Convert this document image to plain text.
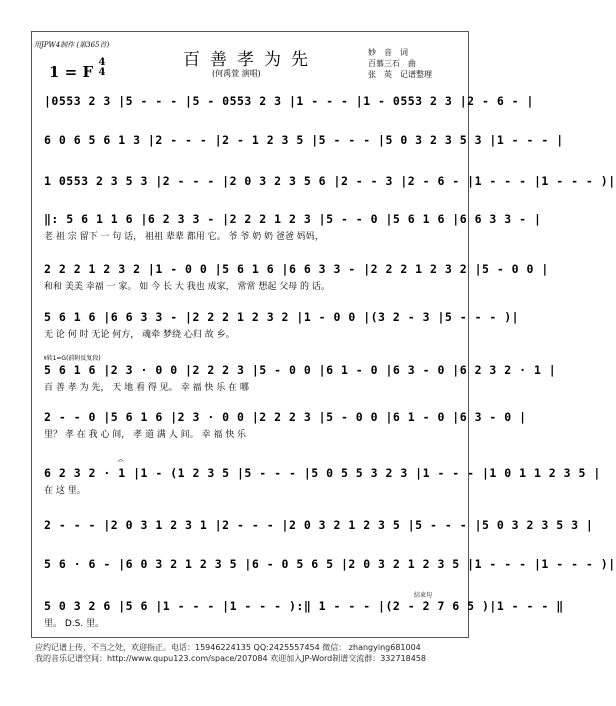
用JPW4制作 (第365首)
百善孝为先
(何禹萱 演唱)
1 = F
4
4
妙　音　词
百慕三石　曲
张　英　记谱整理
|0553 2 3 |5 - - - |5 - 0553 2 3 |1 - - - |1 - 0553 2 3 |2 - 6 - |
6 0 6 5 6 1 3 |2 - - - |2 - 1 2 3 5 |5 - - - |5 0 3 2 3 5 3 |1 - - - |
1 0553 2 3 5 3 |2 - - - |2 0 3 2 3 5 6 |2 - - 3 |2 - 6 - |1 - - - |1 - - - )|
‖: 5 6 1 1 6 |6 2 3 3 - |2 2 2 1 2 3 |5 - - 0 |5 6 1 6 |6 6 3 3 - |
老 祖 宗 留下 一 句 话， 祖祖 辈辈 都用 它。 爷 爷 奶 奶 爸爸 妈妈，
2 2 2 1 2 3 2 |1 - 0 0 |5 6 1 6 |6 6 3 3 - |2 2 2 1 2 3 2 |5 - 0 0 |
和和 美美 幸福 一 家。 如 今 长 大 我也 成家， 常常 想起 父母 的 话。
5 6 1 6 |6 6 3 3 - |2 2 2 1 2 3 2 |1 - 0 0 |(3 2 - 3 |5 - - - )|
无 论 何 时 无论 何方， 魂牵 梦绕 心归 故 乡。
𝄋转1=G(前附反复段)
5 6 1 6 |2 3 · 0 0 |2 2 2 3 |5 - 0 0 |6 1 - 0 |6 3 - 0 |6 2 3 2 · 1 |
百 善 孝 为 先， 天 地 看 得 见。 幸 福 快 乐 在 哪
2 - - 0 |5 6 1 6 |2 3 · 0 0 |2 2 2 3 |5 - 0 0 |6 1 - 0 |6 3 - 0 |
里？ 孝 在 我 心 间， 孝 道 满 人 间。 幸 福 快 乐
𝄐
6 2 3 2 · 1 |1 - (1 2 3 5 |5 - - - |5 0 5 5 3 2 3 |1 - - - |1 0 1 1 2 3 5 |
在 这 里。
2 - - - |2 0 3 1 2 3 1 |2 - - - |2 0 3 2 1 2 3 5 |5 - - - |5 0 3 2 3 5 3 |
5 6 · 6 - |6 0 3 2 1 2 3 5 |6 - 0 5 6 5 |2 0 3 2 1 2 3 5 |1 - - - |1 - - - )|
结束句
5 0 3 2 6 |5 6 |1 - - - |1 - - - ):‖ 1 - - - |(2 - 2 7 6 5 )|1 - - - ‖
里。 D.S. 里。
应约记谱上传，不当之处，欢迎指正。电话：15946224135 QQ:2425557454 微信： zhangying681004
我的音乐记谱空间：http://www.qupu123.com/space/207084 欢迎加入JP-Word制谱交流群：332718458
